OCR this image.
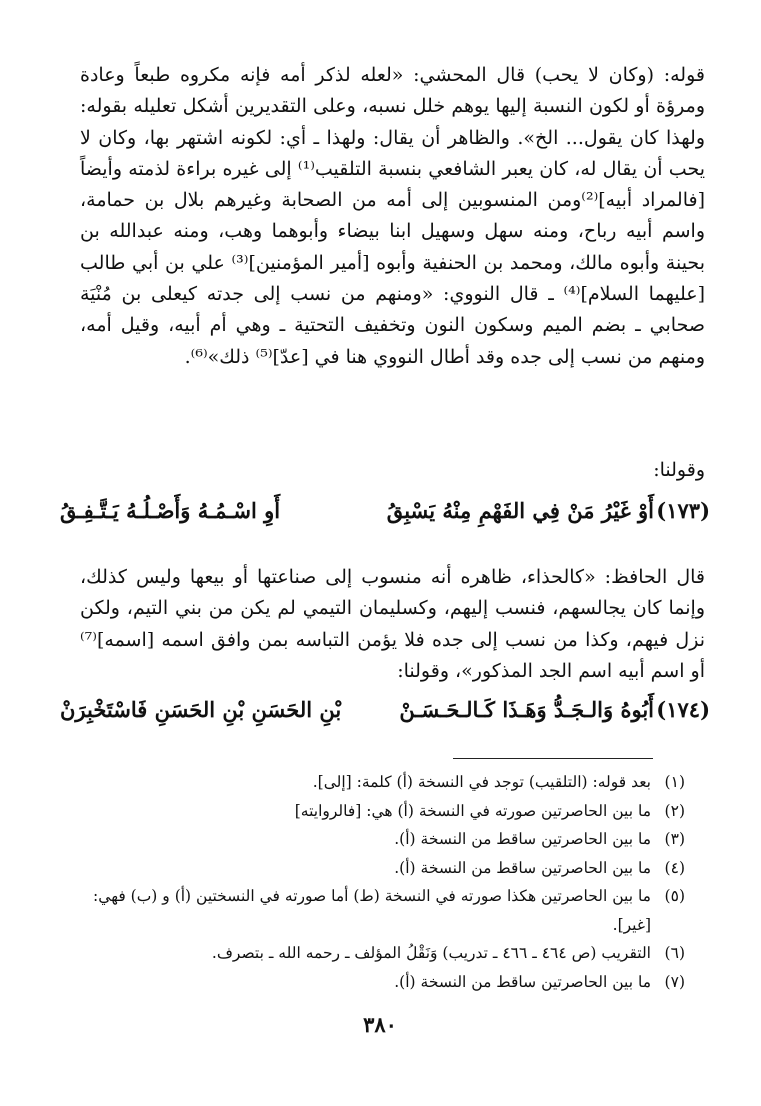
قوله: (وكان لا يحب) قال المحشي: «لعله لذكر أمه فإنه مكروه طبعاً وعادة ومرؤة أو لكون النسبة إليها يوهم خلل نسبه، وعلى التقديرين أشكل تعليله بقوله: ولهذا كان يقول... الخ». والظاهر أن يقال: ولهذا ـ أي: لكونه اشتهر بها، وكان لا يحب أن يقال له، كان يعبر الشافعي بنسبة التلقيب⁽¹⁾ إلى غيره براءة لذمته وأيضاً [فالمراد أبيه]⁽²⁾ومن المنسوبين إلى أمه من الصحابة وغيرهم بلال بن حمامة، واسم أبيه رباح، ومنه سهل وسهيل ابنا بيضاء وأبوهما وهب، ومنه عبدالله بن بحينة وأبوه مالك، ومحمد بن الحنفية وأبوه [أمير المؤمنين]⁽³⁾ علي بن أبي طالب [عليهما السلام]⁽⁴⁾ ـ قال النووي: «ومنهم من نسب إلى جدته كيعلى بن مُنْيَة صحابي ـ بضم الميم وسكون النون وتخفيف التحتية ـ وهي أم أبيه، وقيل أمه، ومنهم من نسب إلى جده وقد أطال النووي هنا في [عدّ]⁽⁵⁾ ذلك»⁽⁶⁾.

وقولنا:

(١٧٣)
أَوْ غَيْرُ مَنْ فِي الفَهْمِ مِنْهُ يَسْبِقُ
أَوِ اسْـمُـهُ وَأَصْـلُـهُ يَـتَّـفِـقُ

قال الحافظ: «كالحذاء، ظاهره أنه منسوب إلى صناعتها أو بيعها وليس كذلك، وإنما كان يجالسهم، فنسب إليهم، وكسليمان التيمي لم يكن من بني التيم، ولكن نزل فيهم، وكذا من نسب إلى جده فلا يؤمن التباسه بمن وافق اسمه [اسمه]⁽⁷⁾ أو اسم أبيه اسم الجد المذكور»، وقولنا:

(١٧٤)
أَبُوهُ وَالـجَـدُّ وَهَـذَا كَـالـحَـسَـنْ
بْنِ الحَسَنِ بْنِ الحَسَنِ فَاسْتَخْبِرَنْ
(١)
بعد قوله: (التلقيب) توجد في النسخة (أ) كلمة: [إلى].
(٢)
ما بين الحاصرتين صورته في النسخة (أ) هي: [فالروايته]
(٣)
ما بين الحاصرتين ساقط من النسخة (أ).
(٤)
ما بين الحاصرتين ساقط من النسخة (أ).
(٥)
ما بين الحاصرتين هكذا صورته في النسخة (ط) أما صورته في النسختين (أ) و (ب) فهي: [غير].
(٦)
التقريب (ص ٤٦٤ ـ ٤٦٦ ـ تدريب) وَنَقْلُ المؤلف ـ رحمه الله ـ بتصرف.
(٧)
ما بين الحاصرتين ساقط من النسخة (أ).
٣٨٠
